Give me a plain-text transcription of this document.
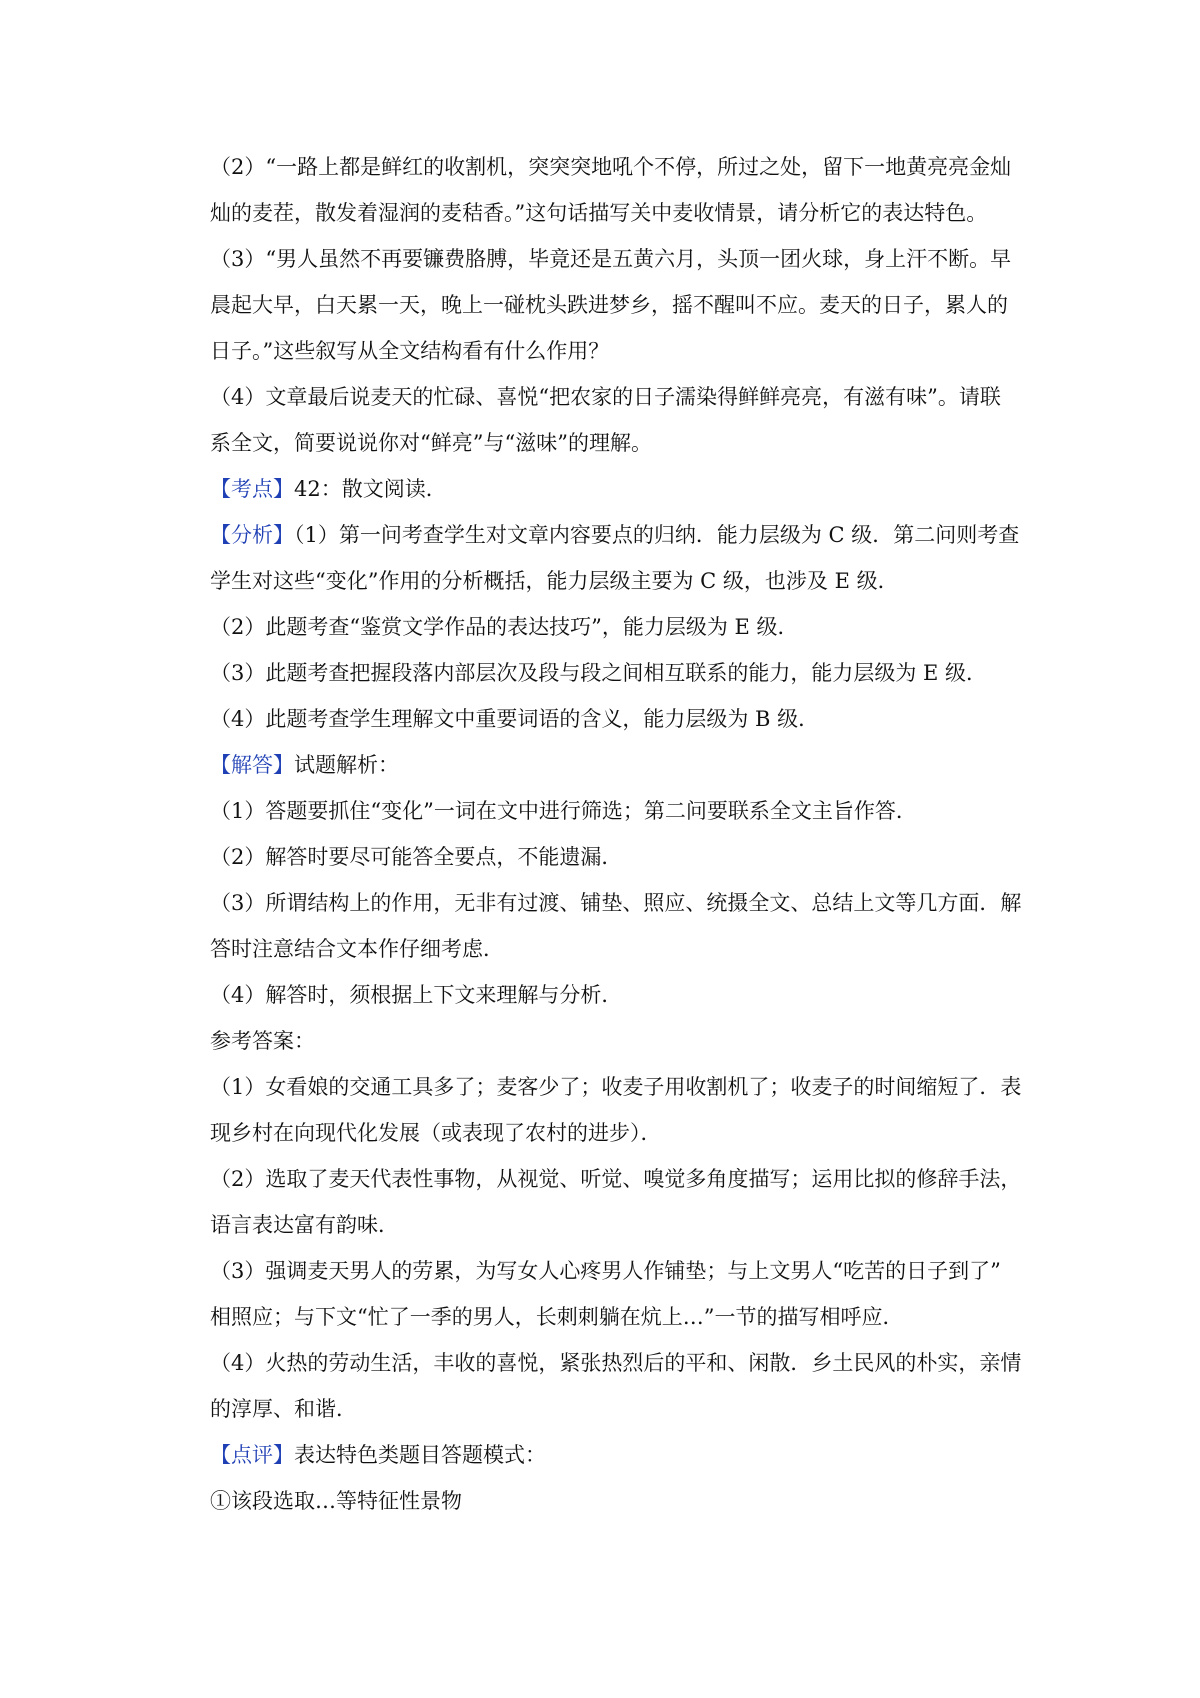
（2）“一路上都是鲜红的收割机，突突突地吼个不停，所过之处，留下一地黄亮亮金灿
灿的麦茬，散发着湿润的麦秸香。”这句话描写关中麦收情景，请分析它的表达特色。
（3）“男人虽然不再要镰费胳膊，毕竟还是五黄六月，头顶一团火球，身上汗不断。早
晨起大早，白天累一天，晚上一碰枕头跌进梦乡，摇不醒叫不应。麦天的日子，累人的
日子。”这些叙写从全文结构看有什么作用？
（4）文章最后说麦天的忙碌、喜悦“把农家的日子濡染得鲜鲜亮亮，有滋有味”。请联
系全文，简要说说你对“鲜亮”与“滋味”的理解。
【考点】42：散文阅读．
【分析】（1）第一问考查学生对文章内容要点的归纳．能力层级为 C 级．第二问则考查
学生对这些“变化”作用的分析概括，能力层级主要为 C 级，也涉及 E 级．
（2）此题考查“鉴赏文学作品的表达技巧”，能力层级为 E 级．
（3）此题考查把握段落内部层次及段与段之间相互联系的能力，能力层级为 E 级．
（4）此题考查学生理解文中重要词语的含义，能力层级为 B 级．
【解答】试题解析：
（1）答题要抓住“变化”一词在文中进行筛选；第二问要联系全文主旨作答．
（2）解答时要尽可能答全要点，不能遗漏．
（3）所谓结构上的作用，无非有过渡、铺垫、照应、统摄全文、总结上文等几方面．解
答时注意结合文本作仔细考虑．
（4）解答时，须根据上下文来理解与分析．
参考答案：
（1）女看娘的交通工具多了；麦客少了；收麦子用收割机了；收麦子的时间缩短了．表
现乡村在向现代化发展（或表现了农村的进步）．
（2）选取了麦天代表性事物，从视觉、听觉、嗅觉多角度描写；运用比拟的修辞手法，
语言表达富有韵味．
（3）强调麦天男人的劳累，为写女人心疼男人作铺垫；与上文男人“吃苦的日子到了”
相照应；与下文“忙了一季的男人，长刺刺躺在炕上…”一节的描写相呼应．
（4）火热的劳动生活，丰收的喜悦，紧张热烈后的平和、闲散．乡土民风的朴实，亲情
的淳厚、和谐．
【点评】表达特色类题目答题模式：
①该段选取…等特征性景物
